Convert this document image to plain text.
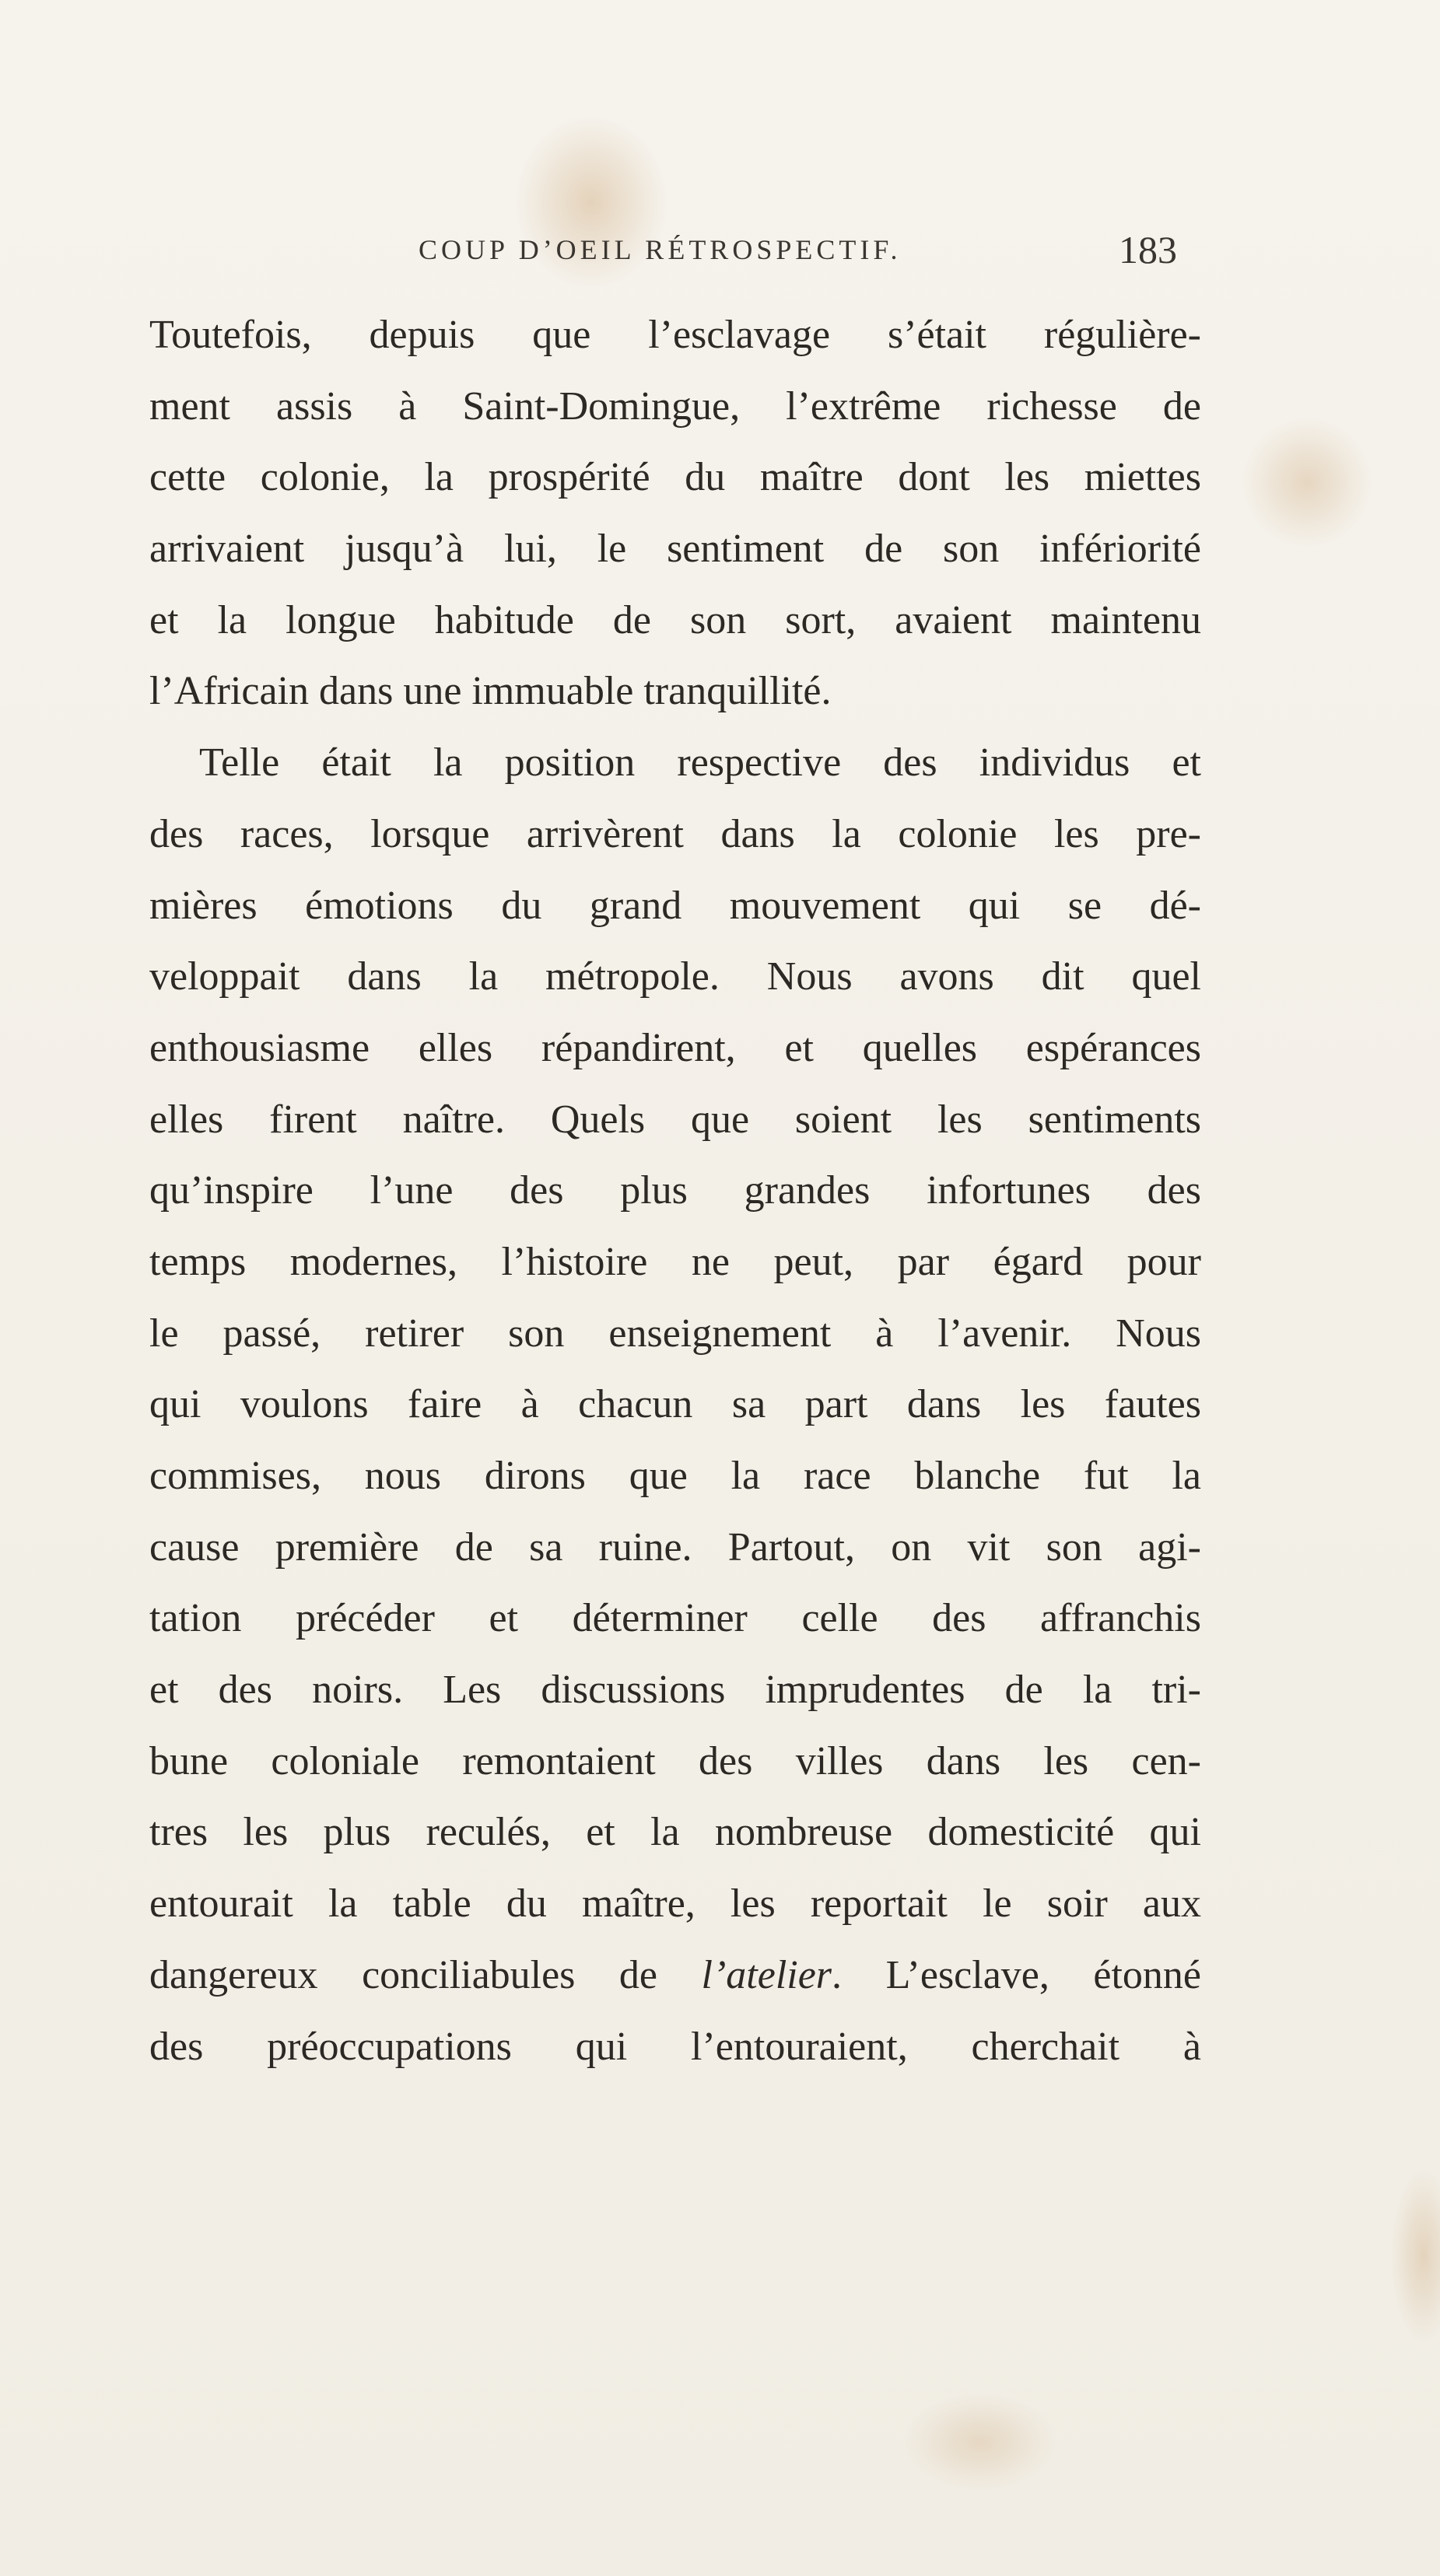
COUP D’OEIL RÉTROSPECTIF.	183
Toutefois, depuis que l’esclavage s’était régulière-
ment assis à Saint-Domingue, l’extrême richesse de
cette colonie, la prospérité du maître dont les miettes
arrivaient jusqu’à lui, le sentiment de son infériorité
et la longue habitude de son sort, avaient maintenu
l’Africain dans une immuable tranquillité.
Telle était la position respective des individus et
des races, lorsque arrivèrent dans la colonie les pre-
mières émotions du grand mouvement qui se dé-
veloppait dans la métropole. Nous avons dit quel
enthousiasme elles répandirent, et quelles espérances
elles firent naître. Quels que soient les sentiments
qu’inspire l’une des plus grandes infortunes des
temps modernes, l’histoire ne peut, par égard pour
le passé, retirer son enseignement à l’avenir. Nous
qui voulons faire à chacun sa part dans les fautes
commises, nous dirons que la race blanche fut la
cause première de sa ruine. Partout, on vit son agi-
tation précéder et déterminer celle des affranchis
et des noirs. Les discussions imprudentes de la tri-
bune coloniale remontaient des villes dans les cen-
tres les plus reculés, et la nombreuse domesticité qui
entourait la table du maître, les reportait le soir aux
dangereux conciliabules de l’atelier. L’esclave, étonné
des préoccupations qui l’entouraient, cherchait à
